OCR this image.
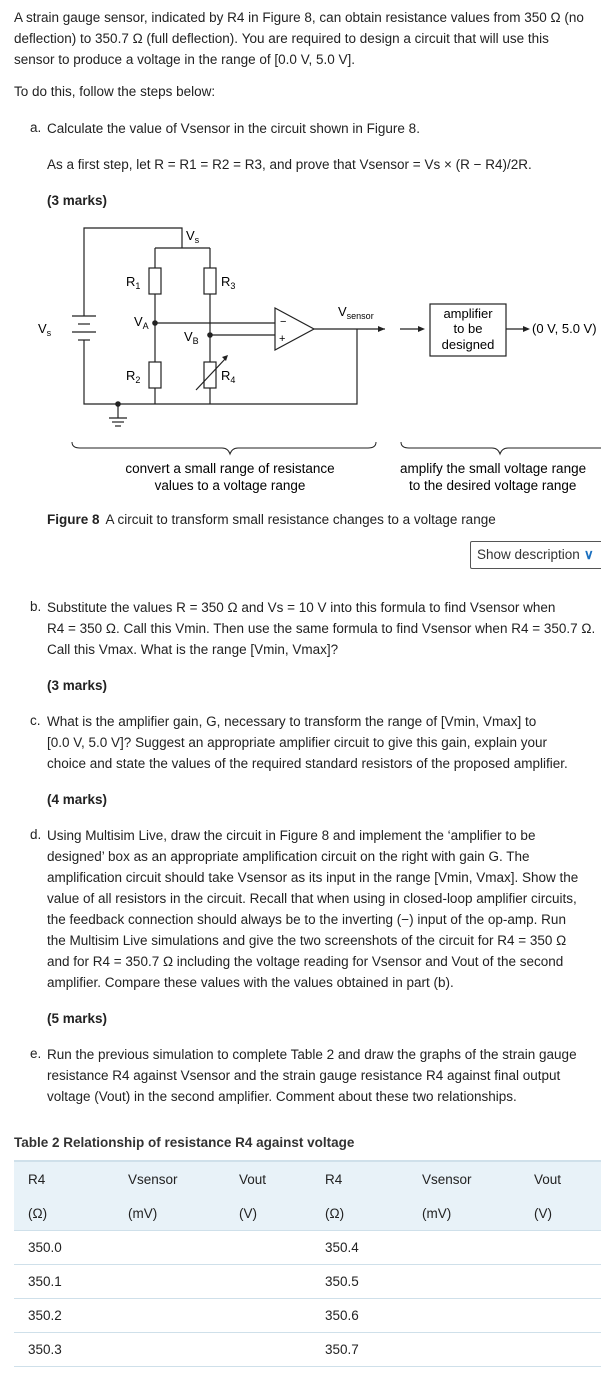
A strain gauge sensor, indicated by R4 in Figure 8, can obtain resistance values from 350 Ω (no

deflection) to 350.7 Ω (full deflection). You are required to design a circuit that will use this

sensor to produce a voltage in the range of [0.0 V, 5.0 V].

To do this, follow the steps below:

a. Calculate the value of Vsensor in the circuit shown in Figure 8.

As a first step, let R = R1 = R2 = R3, and prove that Vsensor = Vs × (R − R4)/2R.

(3 marks)
$V_s$
$V_s$
$R_1$
$R_2$
$R_3$
$R_4$
$V_A$
$V_B$
−
+
$V_{sensor}$	amplifier
to be
designed
(0 V, 5.0 V)
convert a small range of resistance
values to a voltage range
amplify the small voltage range
to the desired voltage range

Figure 8 A circuit to transform small resistance changes to a voltage range

Show description ∨
b. Substitute the values R = 350 Ω and Vs = 10 V into this formula to find Vsensor when

R4 = 350 Ω. Call this Vmin. Then use the same formula to find Vsensor when R4 = 350.7 Ω.

Call this Vmax. What is the range [Vmin, Vmax]?

(3 marks)
c. What is the amplifier gain, G, necessary to transform the range of [Vmin, Vmax] to

[0.0 V, 5.0 V]? Suggest an appropriate amplifier circuit to give this gain, explain your

choice and state the values of the required standard resistors of the proposed amplifier.

(4 marks)
d. Using Multisim Live, draw the circuit in Figure 8 and implement the ‘amplifier to be

designed’ box as an appropriate amplification circuit on the right with gain G. The

amplification circuit should take Vsensor as its input in the range [Vmin, Vmax]. Show the

value of all resistors in the circuit. Recall that when using in closed-loop amplifier circuits,

the feedback connection should always be to the inverting (−) input of the op-amp. Run

the Multisim Live simulations and give the two screenshots of the circuit for R4 = 350 Ω

and for R4 = 350.7 Ω including the voltage reading for Vsensor and Vout of the second

amplifier. Compare these values with the values obtained in part (b).

(5 marks)
e. Run the previous simulation to complete Table 2 and draw the graphs of the strain gauge

resistance R4 against Vsensor and the strain gauge resistance R4 against final output

voltage (Vout) in the second amplifier. Comment about these two relationships.

Table 2 Relationship of resistance R4 against voltage

R4	Vsensor	Vout	R4	Vsensor	Vout
(Ω)	(mV)	(V)	(Ω)	(mV)	(V)
350.0			350.4		
350.1			350.5		
350.2			350.6		
350.3			350.7		
